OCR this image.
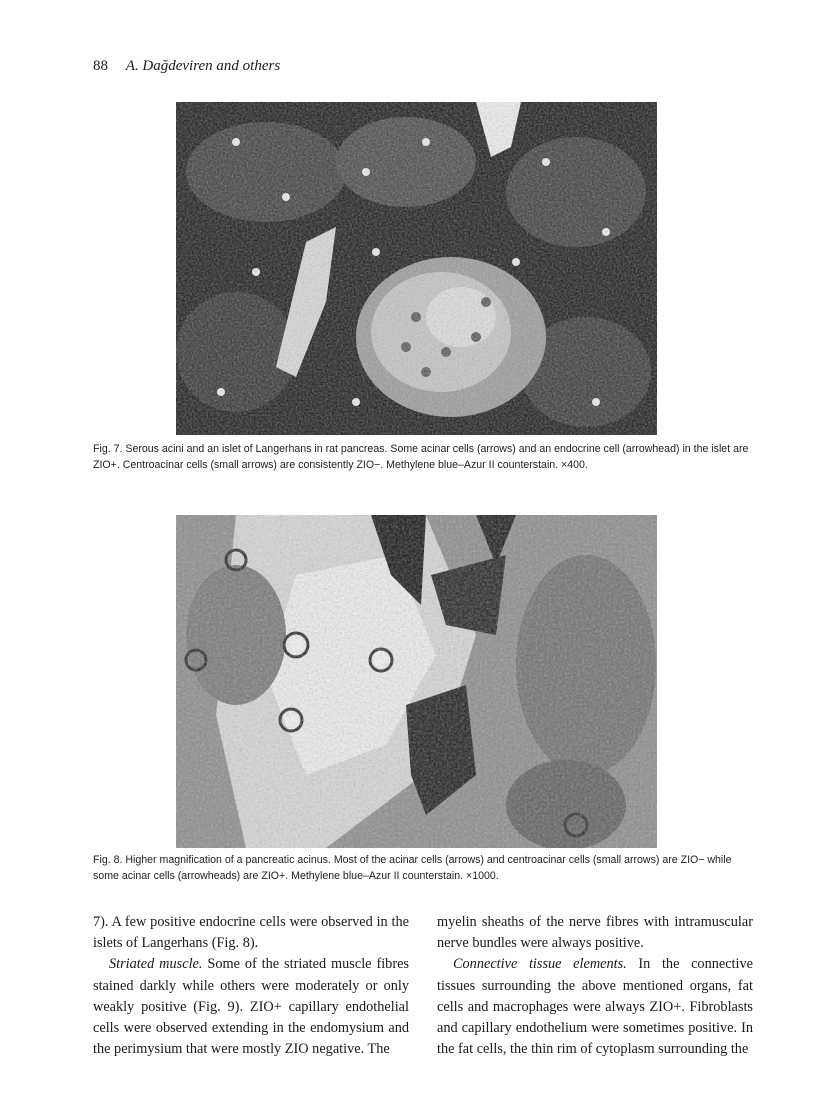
88 A. Dağdeviren and others
Fig. 7. Serous acini and an islet of Langerhans in rat pancreas. Some acinar cells (arrows) and an endocrine cell (arrowhead) in the islet are ZIO+. Centroacinar cells (small arrows) are consistently ZIO−. Methylene blue–Azur II counterstain. ×400.
Fig. 8. Higher magnification of a pancreatic acinus. Most of the acinar cells (arrows) and centroacinar cells (small arrows) are ZIO− while some acinar cells (arrowheads) are ZIO+. Methylene blue–Azur II counterstain. ×1000.

7). A few positive endocrine cells were observed in the islets of Langerhans (Fig. 8).

Striated muscle. Some of the striated muscle fibres stained darkly while others were moderately or only weakly positive (Fig. 9). ZIO+ capillary endothelial cells were observed extending in the endomysium and the perimysium that were mostly ZIO negative. The

myelin sheaths of the nerve fibres with intramuscular nerve bundles were always positive.

Connective tissue elements. In the connective tissues surrounding the above mentioned organs, fat cells and macrophages were always ZIO+. Fibroblasts and capillary endothelium were sometimes positive. In the fat cells, the thin rim of cytoplasm surrounding the
